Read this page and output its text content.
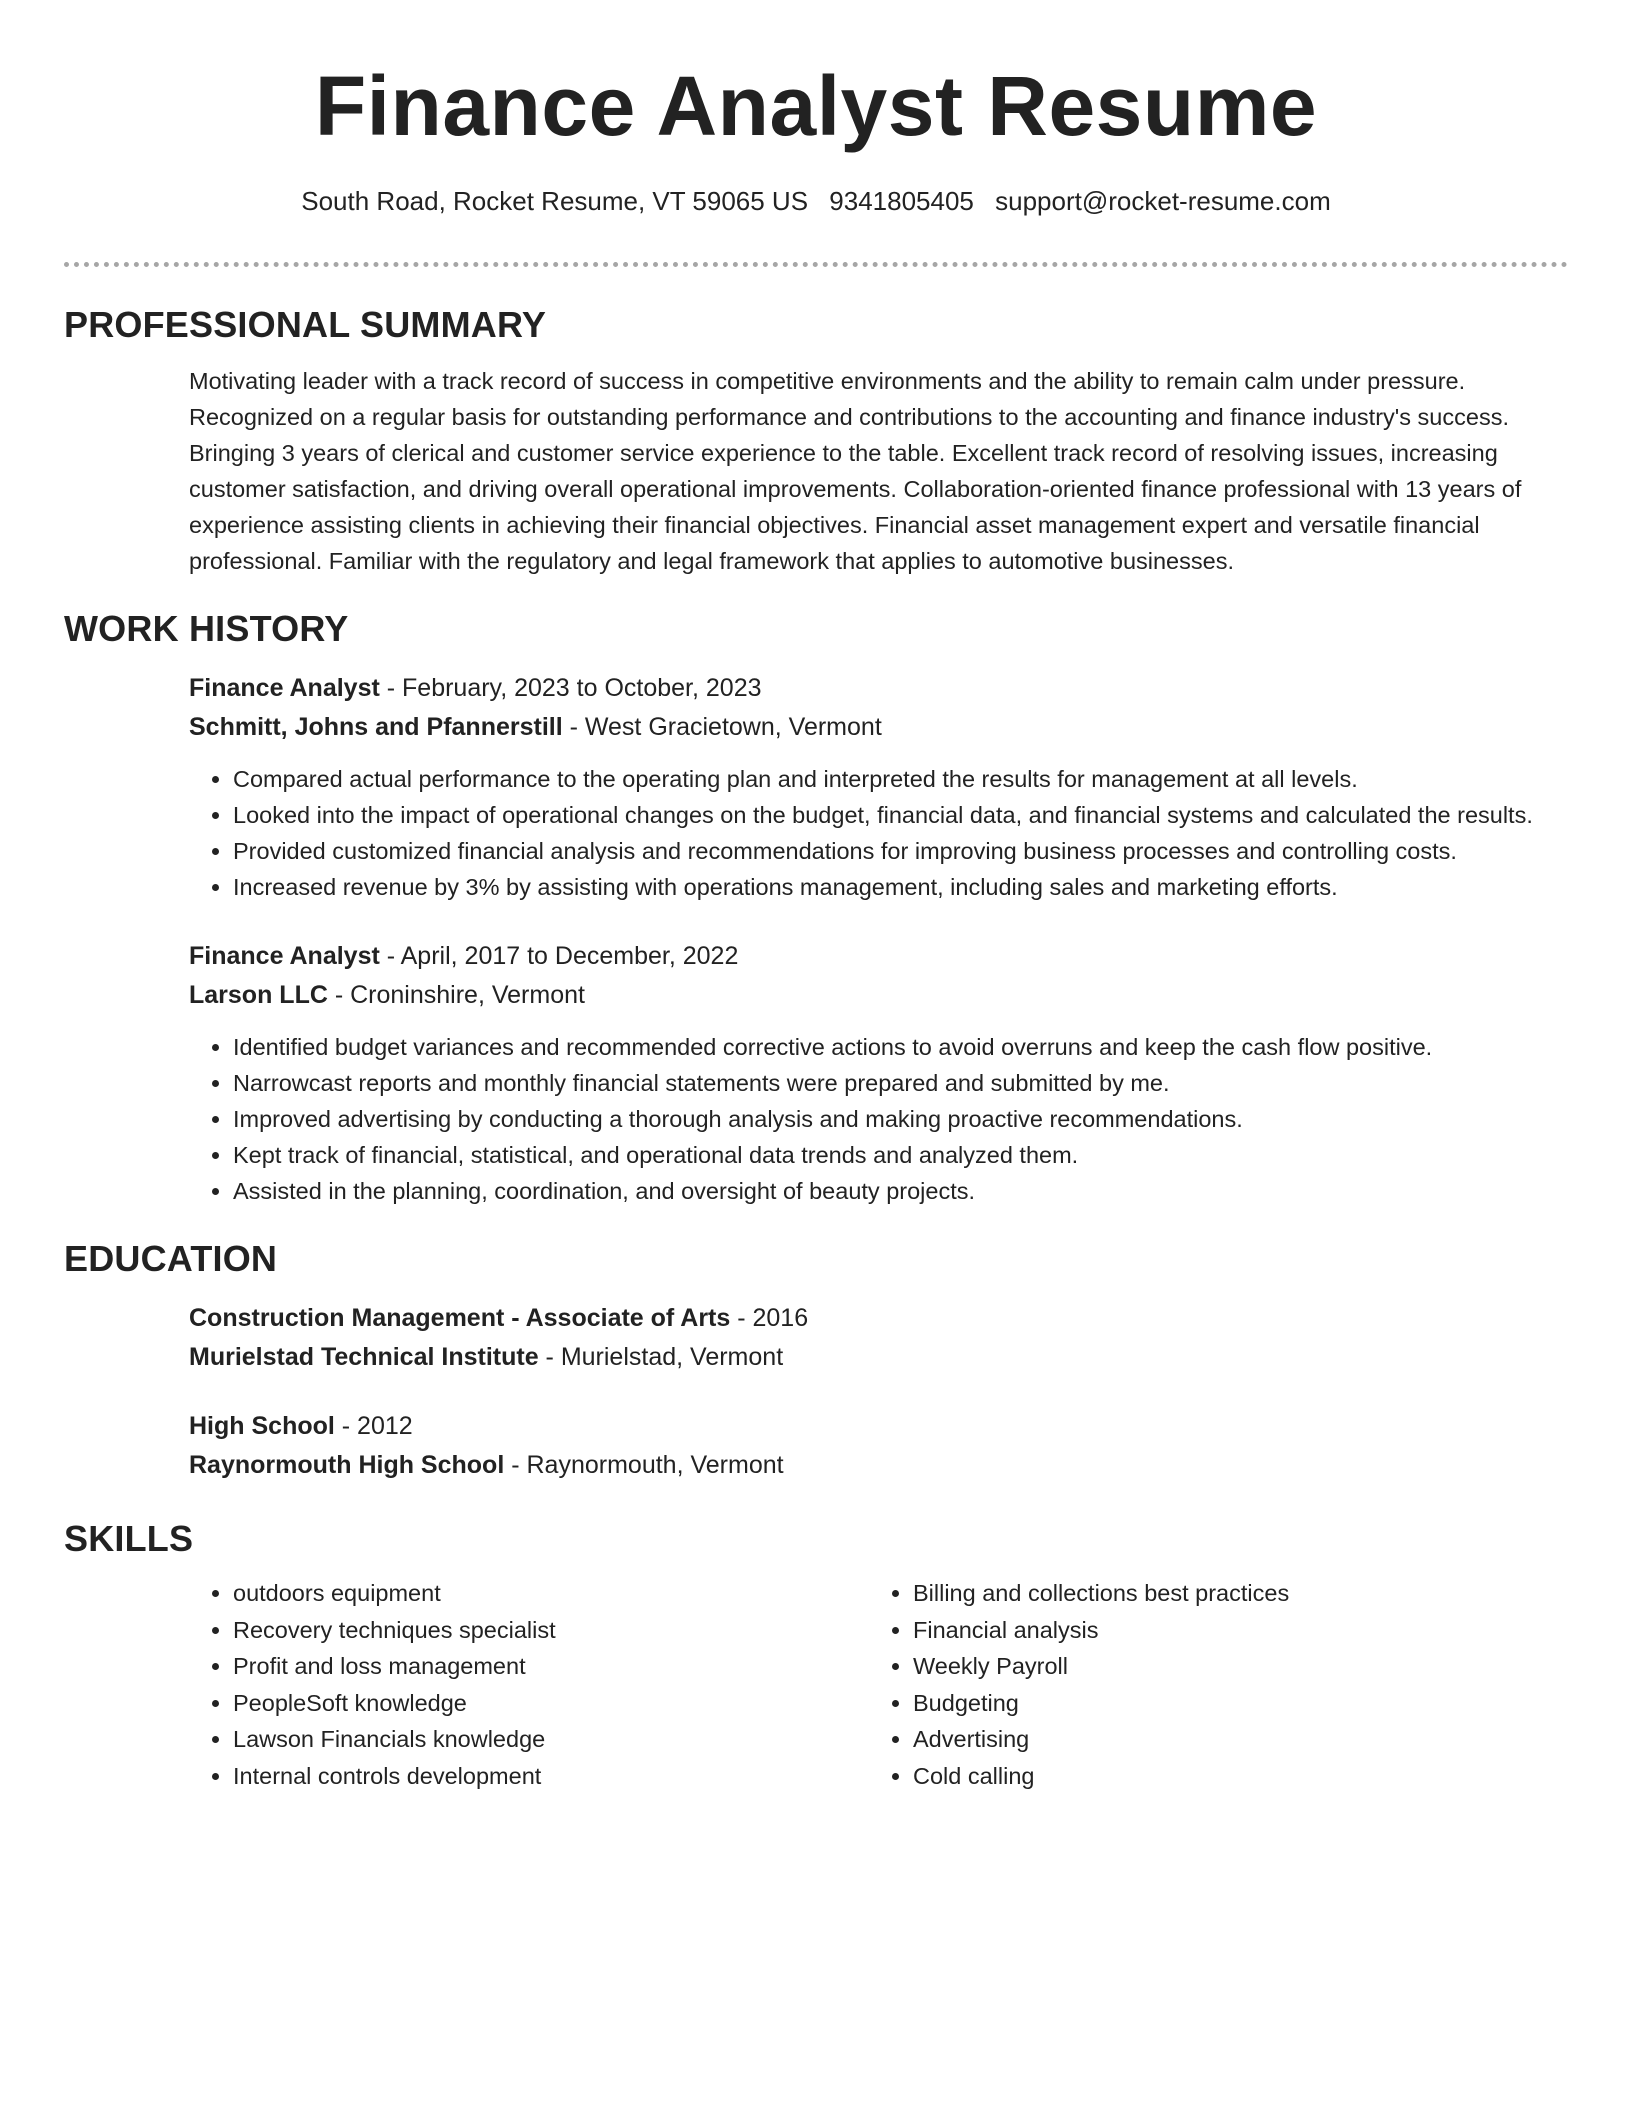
Finance Analyst Resume
South Road, Rocket Resume, VT 59065 US 9341805405 support@rocket-resume.com
PROFESSIONAL SUMMARY

Motivating leader with a track record of success in competitive environments and the ability to remain calm under pressure. Recognized on a regular basis for outstanding performance and contributions to the accounting and finance industry's success. Bringing 3 years of clerical and customer service experience to the table. Excellent track record of resolving issues, increasing customer satisfaction, and driving overall operational improvements. Collaboration-oriented finance professional with 13 years of experience assisting clients in achieving their financial objectives. Financial asset management expert and versatile financial professional. Familiar with the regulatory and legal framework that applies to automotive businesses.

WORK HISTORY

Finance Analyst - February, 2023 to October, 2023

Schmitt, Johns and Pfannerstill - West Gracietown, Vermont

• Compared actual performance to the operating plan and interpreted the results for management at all levels.
• Looked into the impact of operational changes on the budget, financial data, and financial systems and calculated the results.
• Provided customized financial analysis and recommendations for improving business processes and controlling costs.
• Increased revenue by 3% by assisting with operations management, including sales and marketing efforts.

Finance Analyst - April, 2017 to December, 2022

Larson LLC - Croninshire, Vermont

• Identified budget variances and recommended corrective actions to avoid overruns and keep the cash flow positive.
• Narrowcast reports and monthly financial statements were prepared and submitted by me.
• Improved advertising by conducting a thorough analysis and making proactive recommendations.
• Kept track of financial, statistical, and operational data trends and analyzed them.
• Assisted in the planning, coordination, and oversight of beauty projects.
EDUCATION

Construction Management - Associate of Arts - 2016

Murielstad Technical Institute - Murielstad, Vermont

High School - 2012

Raynormouth High School - Raynormouth, Vermont

SKILLS
• outdoors equipment
• Recovery techniques specialist
• Profit and loss management
• PeopleSoft knowledge
• Lawson Financials knowledge
• Internal controls development
• Billing and collections best practices
• Financial analysis
• Weekly Payroll
• Budgeting
• Advertising
• Cold calling
